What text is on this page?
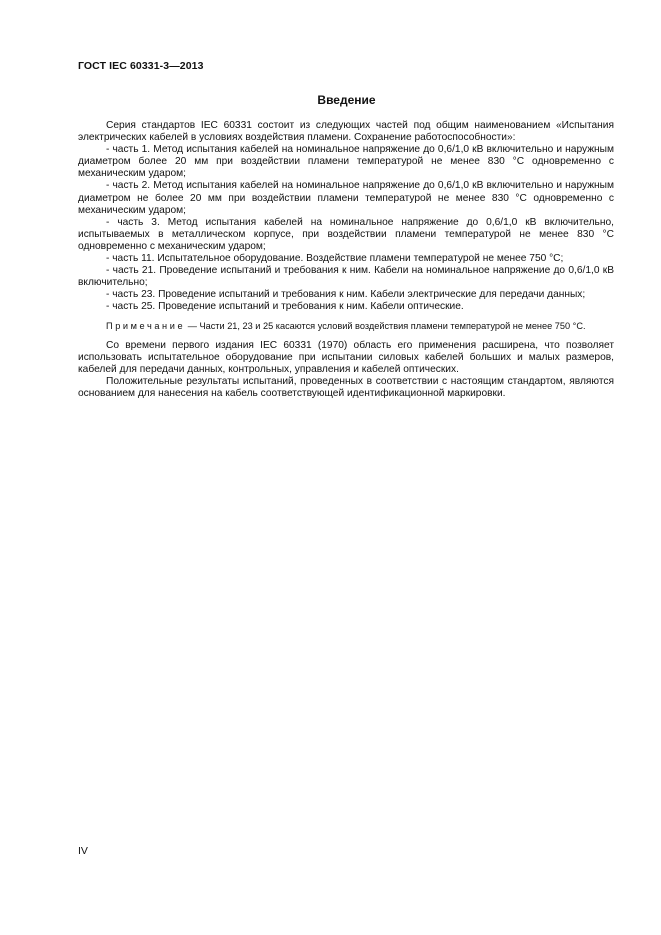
ГОСТ IEC 60331-3—2013
Введение

Серия стандартов IEC 60331 состоит из следующих частей под общим наименованием «Испытания электрических кабелей в условиях воздействия пламени. Сохранение работоспособности»:

- часть 1. Метод испытания кабелей на номинальное напряжение до 0,6/1,0 кВ включительно и наружным диаметром более 20 мм при воздействии пламени температурой не менее 830 °С одновременно с механическим ударом;

- часть 2. Метод испытания кабелей на номинальное напряжение до 0,6/1,0 кВ включительно и наружным диаметром не более 20 мм при воздействии пламени температурой не менее 830 °С одновременно с механическим ударом;

- часть 3. Метод испытания кабелей на номинальное напряжение до 0,6/1,0 кВ включительно, испытываемых в металлическом корпусе, при воздействии пламени температурой не менее 830 °С одновременно с механическим ударом;

- часть 11. Испытательное оборудование. Воздействие пламени температурой не менее 750 °С;

- часть 21. Проведение испытаний и требования к ним. Кабели на номинальное напряжение до 0,6/1,0 кВ включительно;

- часть 23. Проведение испытаний и требования к ним. Кабели электрические для передачи данных;

- часть 25. Проведение испытаний и требования к ним. Кабели оптические.

Примечание — Части 21, 23 и 25 касаются условий воздействия пламени температурой не менее 750 °С.

Со времени первого издания IEC 60331 (1970) область его применения расширена, что позволяет использовать испытательное оборудование при испытании силовых кабелей больших и малых размеров, кабелей для передачи данных, контрольных, управления и кабелей оптических.

Положительные результаты испытаний, проведенных в соответствии с настоящим стандартом, являются основанием для нанесения на кабель соответствующей идентификационной маркировки.

IV
